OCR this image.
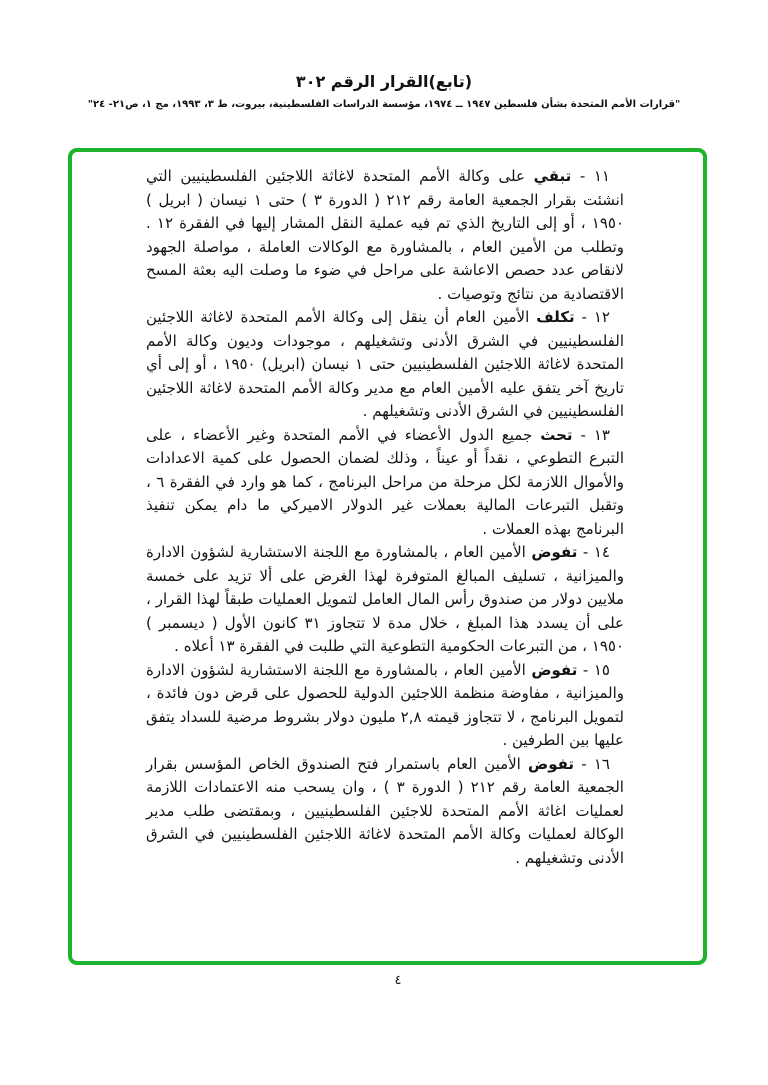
(تابع)القرار الرقم ٣٠٢
"قرارات الأمم المتحدة بشأن فلسطين ١٩٤٧ ــ ١٩٧٤، مؤسسة الدراسات الفلسطينية، بيروت، ط ٣، ١٩٩٣، مج ١، ص٢١- ٢٤"

١١ - تبقي على وكالة الأمم المتحدة لاغاثة اللاجئين الفلسطينيين التي انشئت بقرار الجمعية العامة رقم ٢١٢ ( الدورة ٣ ) حتى ١ نيسان ( ابريل ) ١٩٥٠ ، أو إلى التاريخ الذي تم فيه عملية النقل المشار إليها في الفقرة ١٢ . وتطلب من الأمين العام ، بالمشاورة مع الوكالات العاملة ، مواصلة الجهود لانقاص عدد حصص الاعاشة على مراحل في ضوء ما وصلت اليه بعثة المسح الاقتصادية من نتائج وتوصيات .

١٢ - تكلف الأمين العام أن ينقل إلى وكالة الأمم المتحدة لاغاثة اللاجئين الفلسطينيين في الشرق الأدنى وتشغيلهم ، موجودات وديون وكالة الأمم المتحدة لاغاثة اللاجئين الفلسطينيين حتى ١ نيسان (ابريل) ١٩٥٠ ، أو إلى أي تاريخ آخر يتفق عليه الأمين العام مع مدير وكالة الأمم المتحدة لاغاثة اللاجئين الفلسطينيين في الشرق الأدنى وتشغيلهم .

١٣ - تحث جميع الدول الأعضاء في الأمم المتحدة وغير الأعضاء ، على التبرع التطوعي ، نقداً أو عيناً ، وذلك لضمان الحصول على كمية الاعدادات والأموال اللازمة لكل مرحلة من مراحل البرنامج ، كما هو وارد في الفقرة ٦ ، وتقبل التبرعات المالية بعملات غير الدولار الاميركي ما دام يمكن تنفيذ البرنامج بهذه العملات .

١٤ - تفوض الأمين العام ، بالمشاورة مع اللجنة الاستشارية لشؤون الادارة والميزانية ، تسليف المبالغ المتوفرة لهذا الغرض على ألا تزيد على خمسة ملايين دولار من صندوق رأس المال العامل لتمويل العمليات طبقاً لهذا القرار ، على أن يسدد هذا المبلغ ، خلال مدة لا تتجاوز ٣١ كانون الأول ( ديسمبر ) ١٩٥٠ ، من التبرعات الحكومية التطوعية التي طلبت في الفقرة ١٣ أعلاه .

١٥ - تفوض الأمين العام ، بالمشاورة مع اللجنة الاستشارية لشؤون الادارة والميزانية ، مفاوضة منظمة اللاجئين الدولية للحصول على قرض دون فائدة ، لتمويل البرنامج ، لا تتجاوز قيمته ٢,٨ مليون دولار بشروط مرضية للسداد يتفق عليها بين الطرفين .

١٦ - تفوض الأمين العام باستمرار فتح الصندوق الخاص المؤسس بقرار الجمعية العامة رقم ٢١٢ ( الدورة ٣ ) ، وان يسحب منه الاعتمادات اللازمة لعمليات اغاثة الأمم المتحدة للاجئين الفلسطينيين ، وبمقتضى طلب مدير الوكالة لعمليات وكالة الأمم المتحدة لاغاثة اللاجئين الفلسطينيين في الشرق الأدنى وتشغيلهم .

٤
